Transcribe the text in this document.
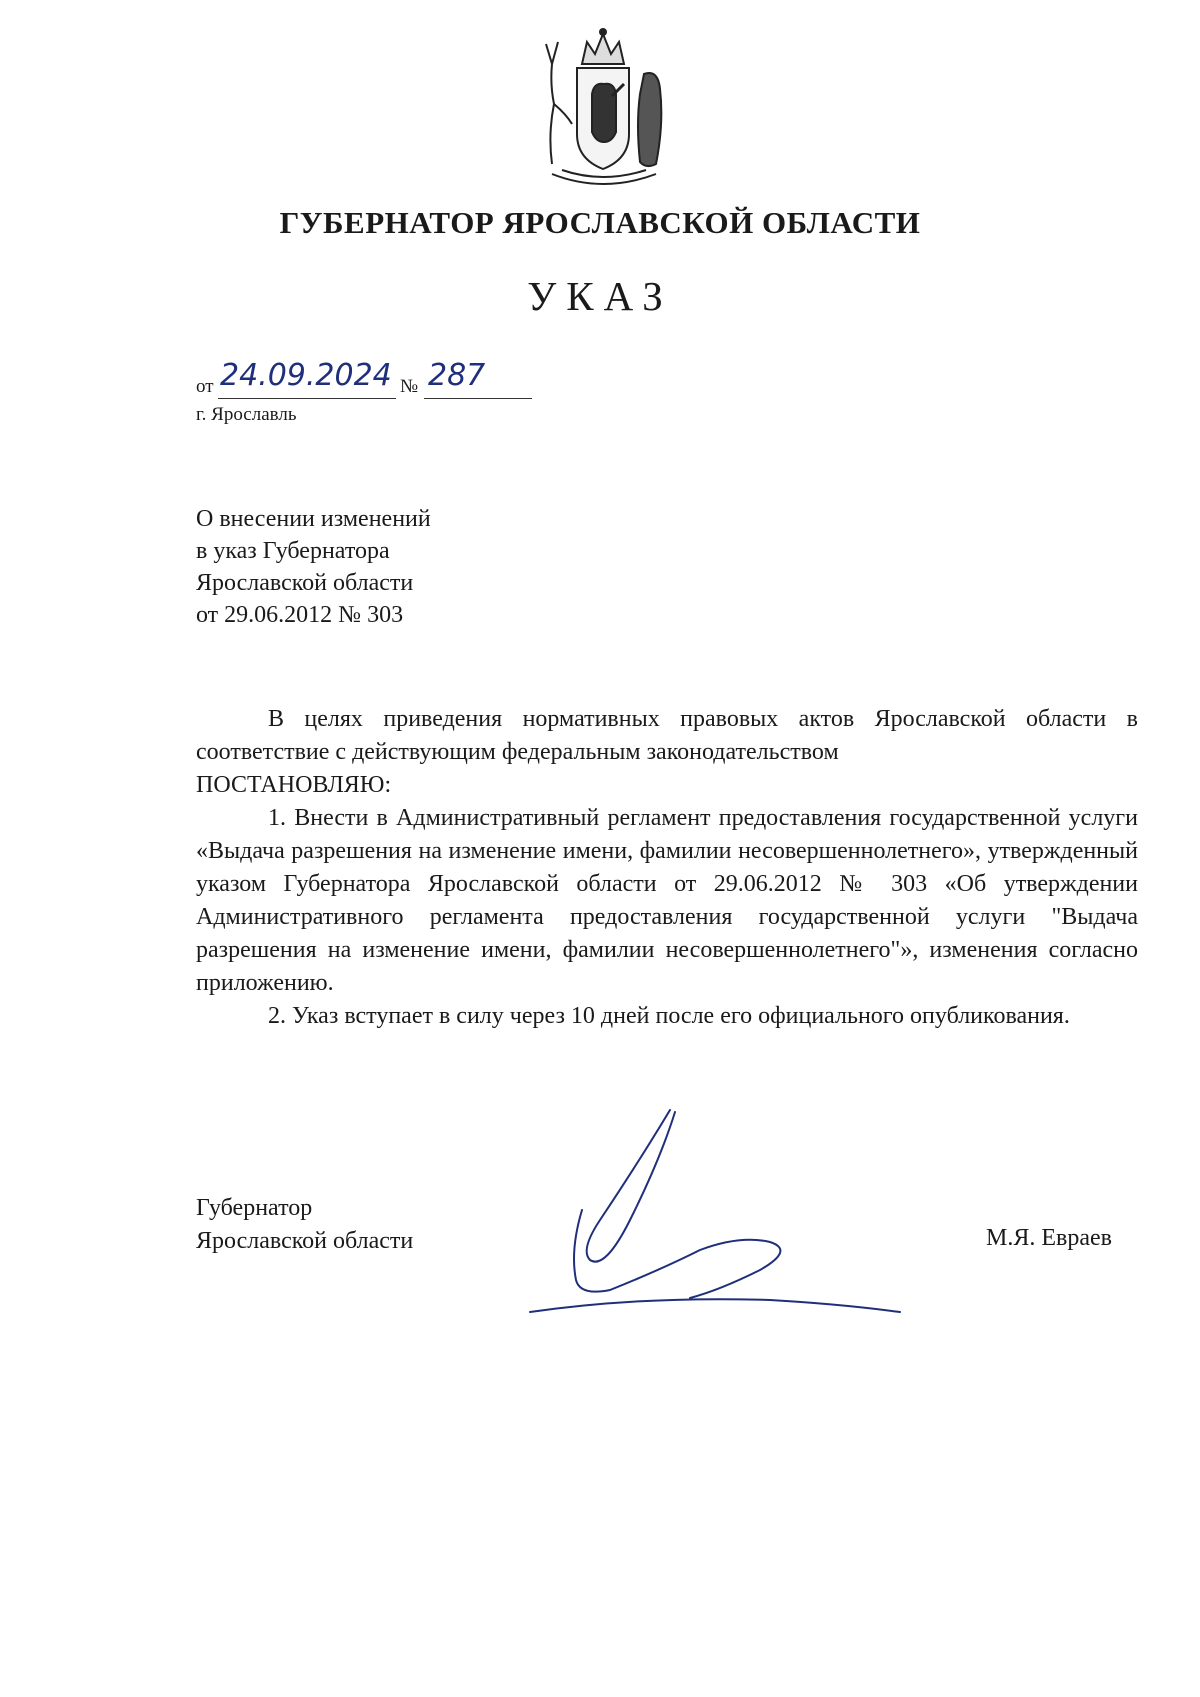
ГУБЕРНАТОР ЯРОСЛАВСКОЙ ОБЛАСТИ
УКАЗ
от 24.09.2024 № 287
г. Ярославль
О внесении изменений
в указ Губернатора
Ярославской области
от 29.06.2012 № 303

В целях приведения нормативных правовых актов Ярославской области в соответствие с действующим федеральным законодательством

ПОСТАНОВЛЯЮ:

1. Внести в Административный регламент предоставления государственной услуги «Выдача разрешения на изменение имени, фамилии несовершеннолетнего», утвержденный указом Губернатора Ярославской области от 29.06.2012 № 303 «Об утверждении Административного регламента предоставления государственной услуги "Выдача разрешения на изменение имени, фамилии несовершеннолетнего"», изменения согласно приложению.

2. Указ вступает в силу через 10 дней после его официального опубликования.

Губернатор
Ярославской области	М.Я. Евраев
